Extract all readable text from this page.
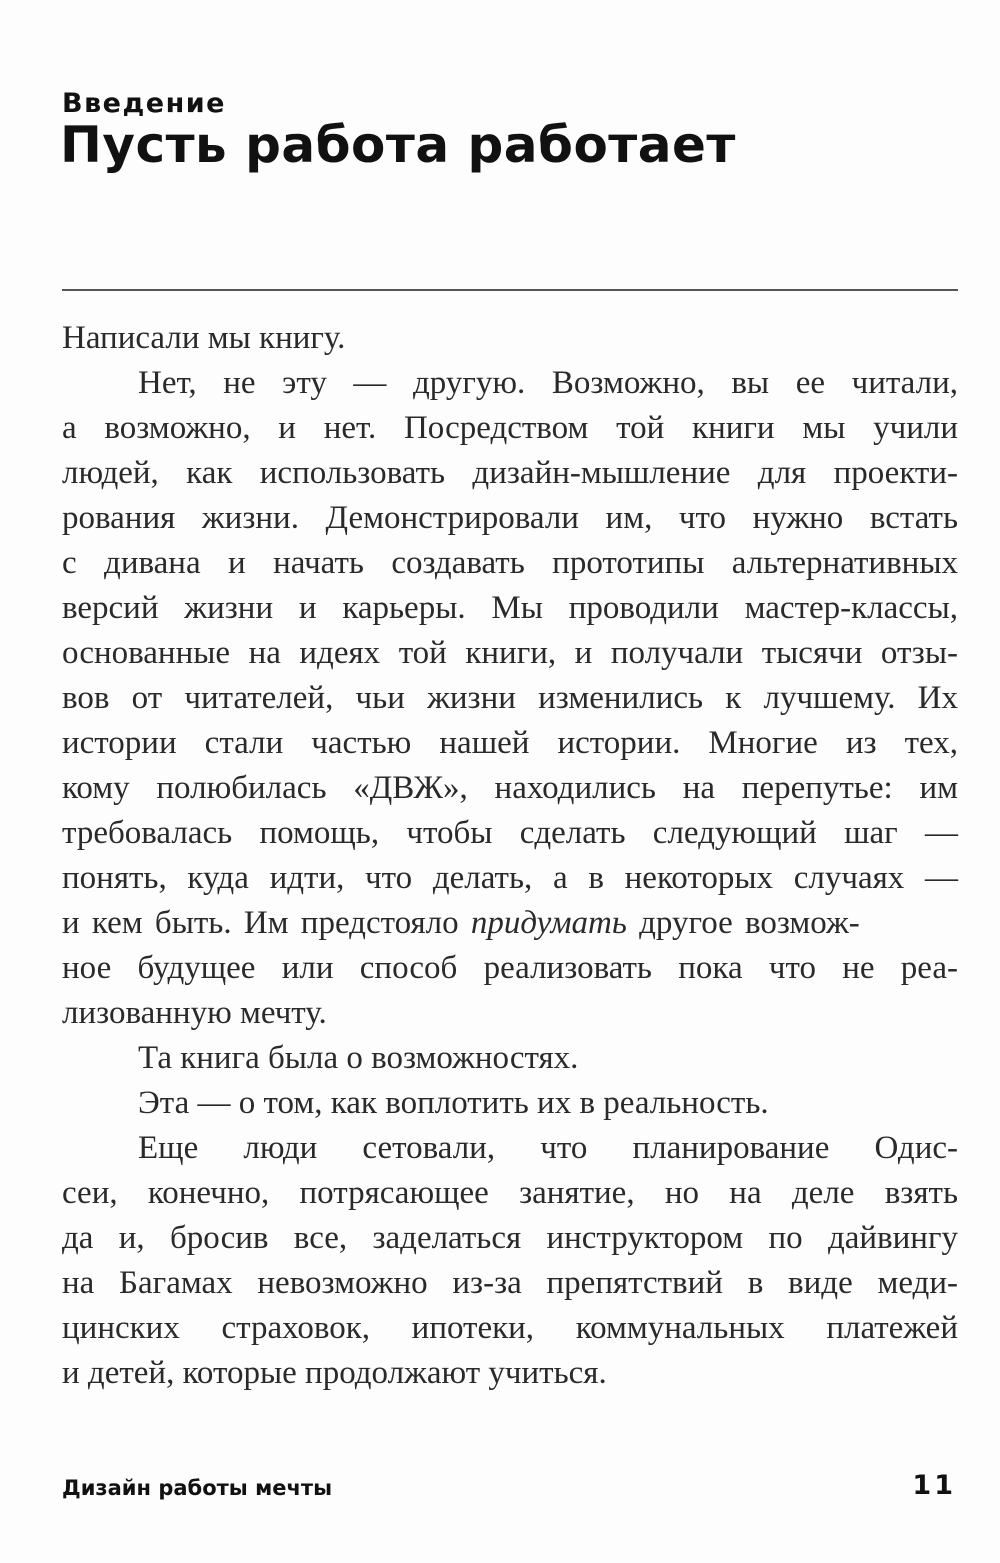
Введение
Пусть работа работает
Написали мы книгу.
Нет, не эту — другую. Возможно, вы ее читали,
а возможно, и нет. Посредством той книги мы учили
людей, как использовать дизайн-мышление для проекти-
рования жизни. Демонстрировали им, что нужно встать
с дивана и начать создавать прототипы альтернативных
версий жизни и карьеры. Мы проводили мастер-классы,
основанные на идеях той книги, и получали тысячи отзы-
вов от читателей, чьи жизни изменились к лучшему. Их
истории стали частью нашей истории. Многие из тех,
кому полюбилась «ДВЖ», находились на перепутье: им
требовалась помощь, чтобы сделать следующий шаг —
понять, куда идти, что делать, а в некоторых случаях —
и кем быть. Им предстояло придумать другое возмож-
ное будущее или способ реализовать пока что не реа-
лизованную мечту.
Та книга была о возможностях.
Эта — о том, как воплотить их в реальность.
Еще люди сетовали, что планирование Одис-
сеи, конечно, потрясающее занятие, но на деле взять
да и, бросив все, заделаться инструктором по дайвингу
на Багамах невозможно из-за препятствий в виде меди-
цинских страховок, ипотеки, коммунальных платежей
и детей, которые продолжают учиться.
Дизайн работы мечты	11
